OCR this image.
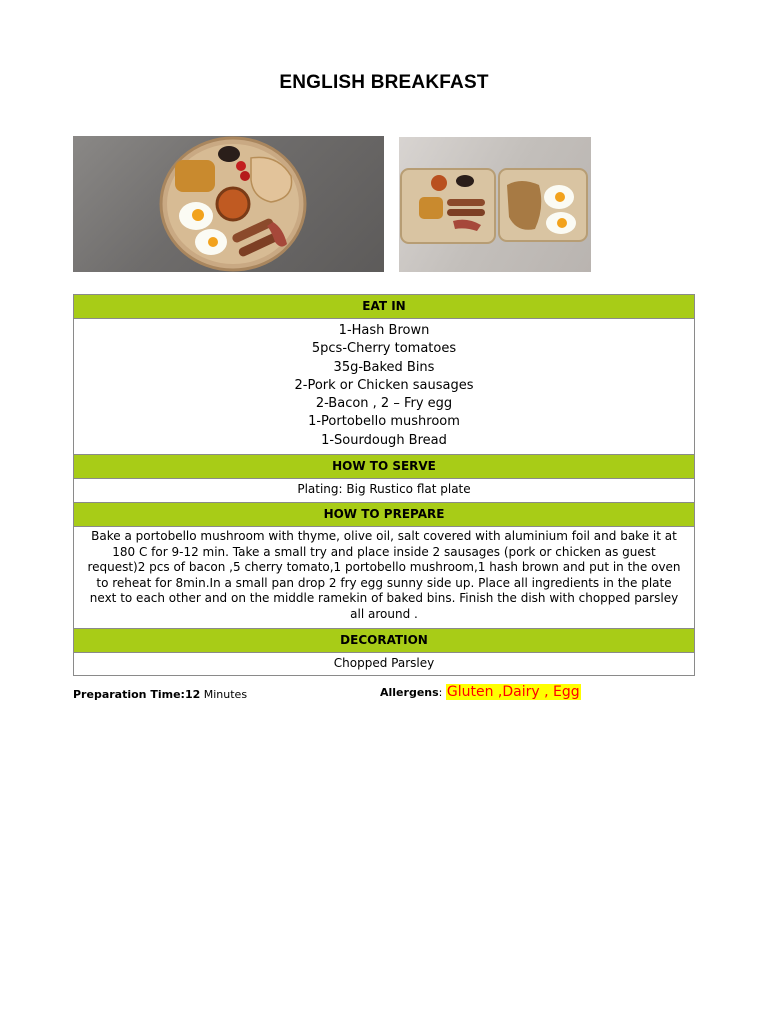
ENGLISH BREAKFAST
EAT IN
1-Hash Brown
5pcs-Cherry tomatoes
35g-Baked Bins
2-Pork or Chicken sausages
2-Bacon , 2 – Fry egg
1-Portobello mushroom
1-Sourdough Bread
HOW TO SERVE
Plating: Big Rustico flat plate
HOW TO PREPARE
Bake a portobello mushroom with thyme, olive oil, salt covered with aluminium foil and bake it at 180 C for 9-12 min. Take a small try and place inside 2 sausages (pork or chicken as guest request)2 pcs of bacon ,5 cherry tomato,1 portobello mushroom,1 hash brown and put in the oven to reheat for 8min.In a small pan drop 2 fry egg sunny side up. Place all ingredients in the plate next to each other and on the middle ramekin of baked bins. Finish the dish with chopped parsley all around .
DECORATION
Chopped Parsley
Preparation Time:12 Minutes	Allergens: Gluten ,Dairy , Egg
